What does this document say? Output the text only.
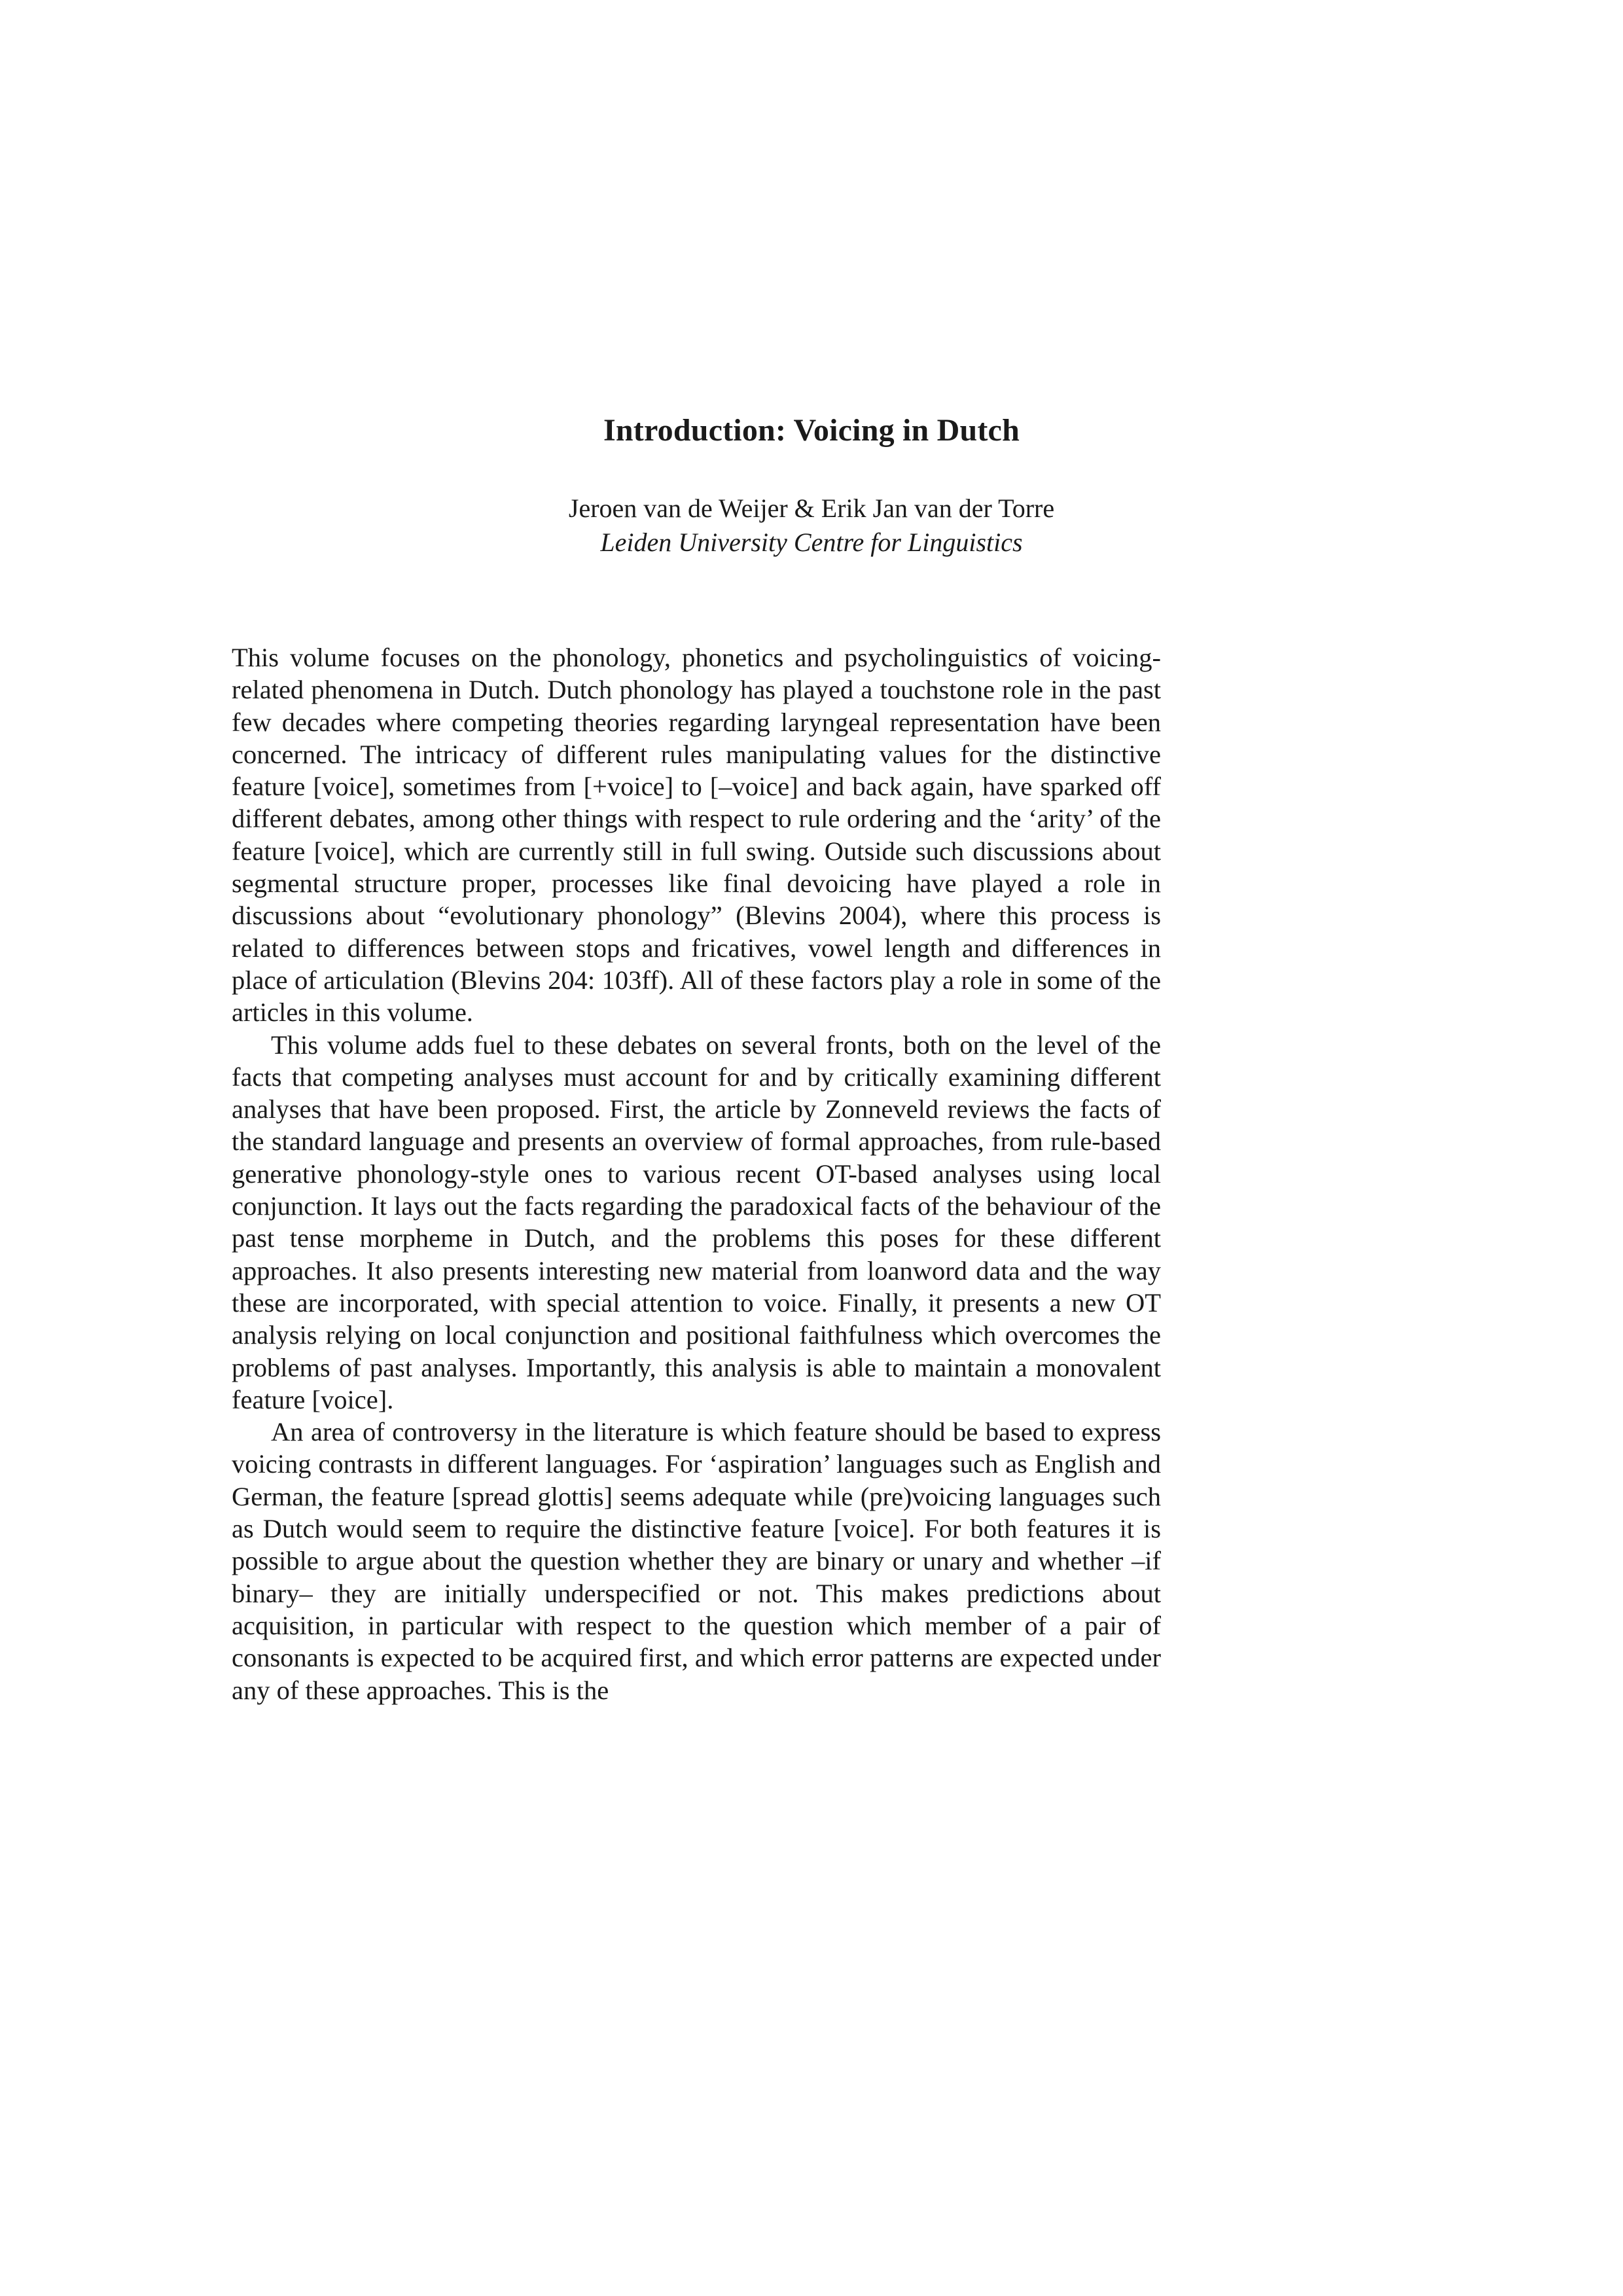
Introduction: Voicing in Dutch
Jeroen van de Weijer & Erik Jan van der Torre
Leiden University Centre for Linguistics

This volume focuses on the phonology, phonetics and psycholinguistics of voicing-related phenomena in Dutch. Dutch phonology has played a touchstone role in the past few decades where competing theories regarding laryngeal representation have been concerned. The intricacy of different rules manipulating values for the distinctive feature [voice], sometimes from [+voice] to [–voice] and back again, have sparked off different debates, among other things with respect to rule ordering and the ‘arity’ of the feature [voice], which are currently still in full swing. Outside such discussions about segmental structure proper, processes like final devoicing have played a role in discussions about “evolutionary phonology” (Blevins 2004), where this process is related to differences between stops and fricatives, vowel length and differences in place of articulation (Blevins 204: 103ff). All of these factors play a role in some of the articles in this volume.

This volume adds fuel to these debates on several fronts, both on the level of the facts that competing analyses must account for and by critically examining different analyses that have been proposed. First, the article by Zonneveld reviews the facts of the standard language and presents an overview of formal approaches, from rule-based generative phonology-style ones to various recent OT-based analyses using local conjunction. It lays out the facts regarding the paradoxical facts of the behaviour of the past tense morpheme in Dutch, and the problems this poses for these different approaches. It also presents interesting new material from loanword data and the way these are incorporated, with special attention to voice. Finally, it presents a new OT analysis relying on local conjunction and positional faithfulness which overcomes the problems of past analyses. Importantly, this analysis is able to maintain a monovalent feature [voice].

An area of controversy in the literature is which feature should be based to express voicing contrasts in different languages. For ‘aspiration’ languages such as English and German, the feature [spread glottis] seems adequate while (pre)voicing languages such as Dutch would seem to require the distinctive feature [voice]. For both features it is possible to argue about the question whether they are binary or unary and whether –if binary– they are initially underspecified or not. This makes predictions about acquisition, in particular with respect to the question which member of a pair of consonants is expected to be acquired first, and which error patterns are expected under any of these approaches. This is the
